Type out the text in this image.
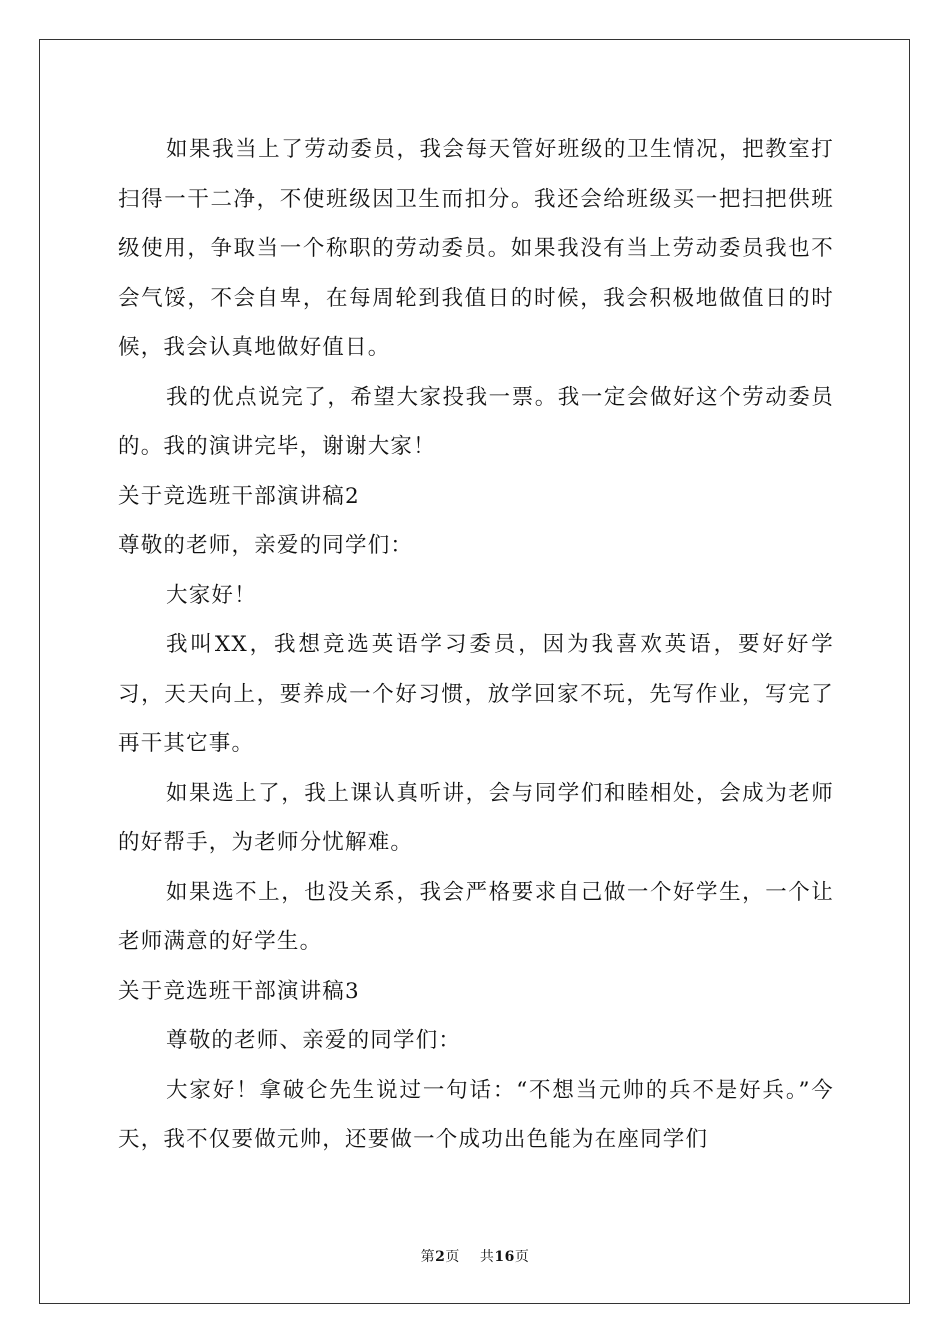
如果我当上了劳动委员，我会每天管好班级的卫生情况，把教室打扫得一干二净，不使班级因卫生而扣分。我还会给班级买一把扫把供班级使用，争取当一个称职的劳动委员。如果我没有当上劳动委员我也不会气馁，不会自卑，在每周轮到我值日的时候，我会积极地做值日的时候，我会认真地做好值日。

我的优点说完了，希望大家投我一票。我一定会做好这个劳动委员的。我的演讲完毕，谢谢大家！

关于竞选班干部演讲稿2

尊敬的老师，亲爱的同学们：

大家好！

我叫XX，我想竞选英语学习委员，因为我喜欢英语，要好好学习，天天向上，要养成一个好习惯，放学回家不玩，先写作业，写完了再干其它事。

如果选上了，我上课认真听讲，会与同学们和睦相处，会成为老师的好帮手，为老师分忧解难。

如果选不上，也没关系，我会严格要求自己做一个好学生，一个让老师满意的好学生。

关于竞选班干部演讲稿3

尊敬的老师、亲爱的同学们：

大家好！拿破仑先生说过一句话：“不想当元帅的兵不是好兵。”今天，我不仅要做元帅，还要做一个成功出色能为在座同学们

第2页 共16页
